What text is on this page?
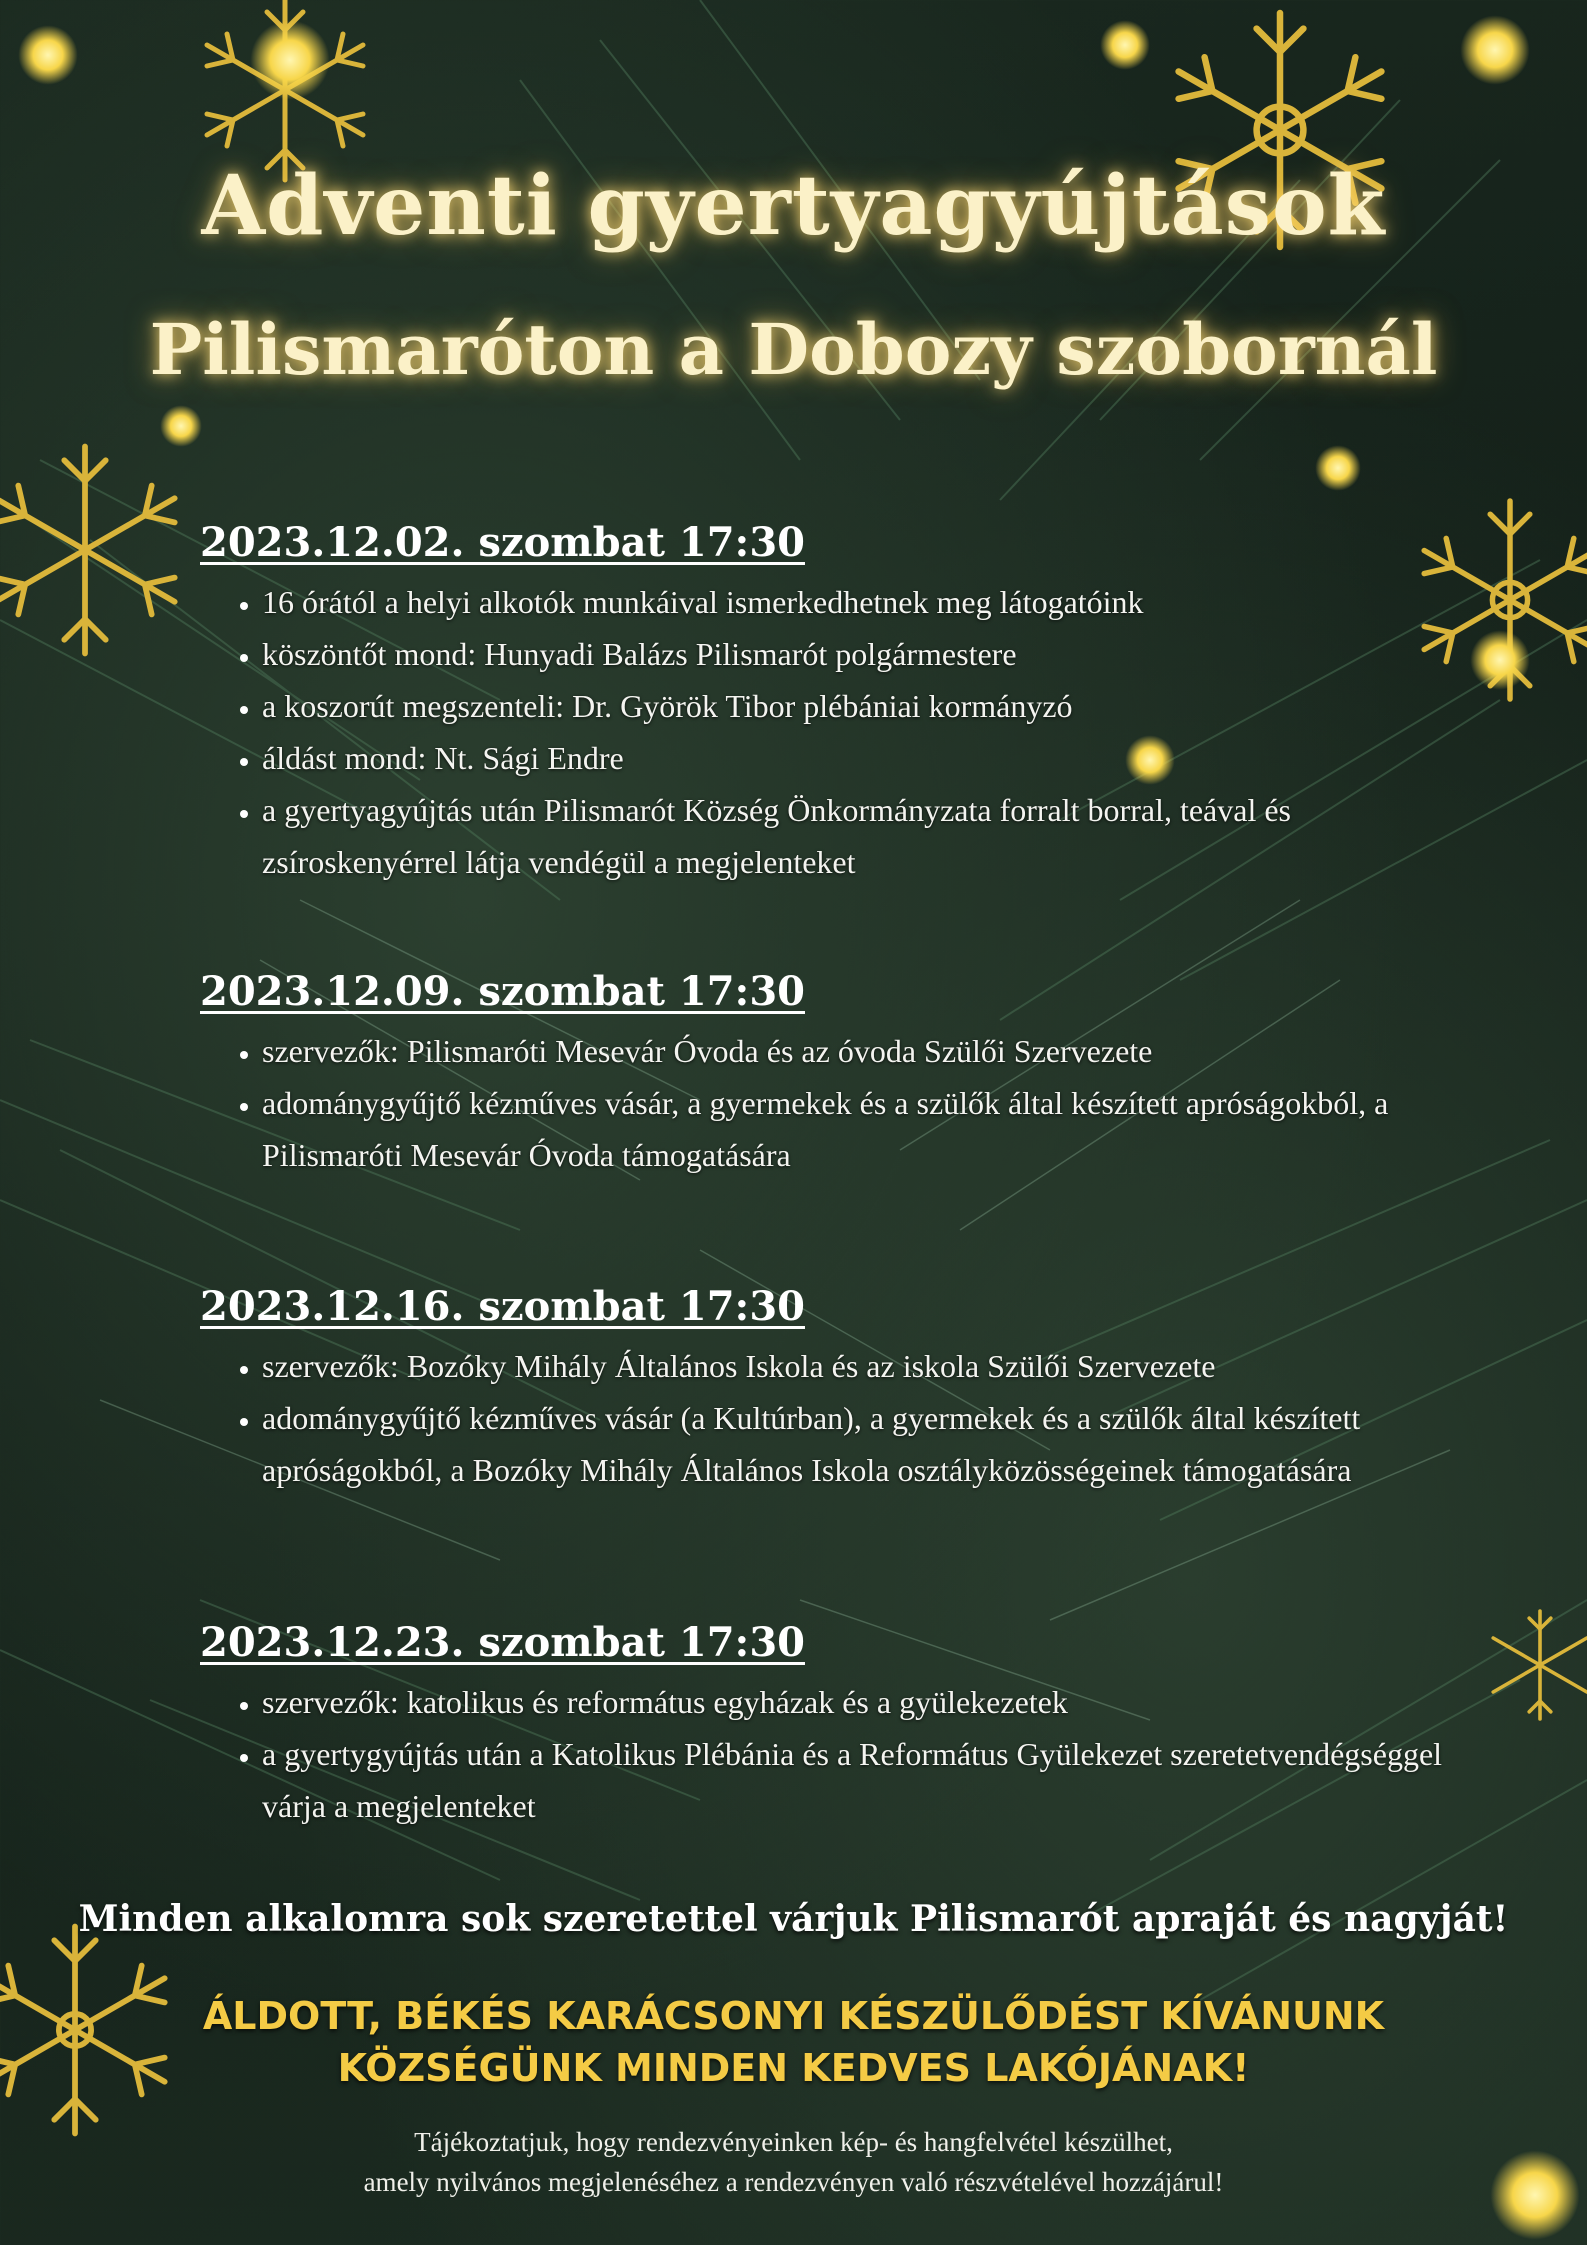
Adventi gyertyagyújtások
Pilismaróton a Dobozy szobornál
2023.12.02. szombat 17:30
• 16 órától a helyi alkotók munkáival ismerkedhetnek meg látogatóink
• köszöntőt mond: Hunyadi Balázs Pilismarót polgármestere
• a koszorút megszenteli: Dr. Györök Tibor plébániai kormányzó
• áldást mond: Nt. Sági Endre
• a gyertyagyújtás után Pilismarót Község Önkormányzata forralt borral, teával és zsíroskenyérrel látja vendégül a megjelenteket
2023.12.09. szombat 17:30
• szervezők: Pilismaróti Mesevár Óvoda és az óvoda Szülői Szervezete
• adománygyűjtő kézműves vásár, a gyermekek és a szülők által készített apróságokból, a Pilismaróti Mesevár Óvoda támogatására
2023.12.16. szombat 17:30
• szervezők: Bozóky Mihály Általános Iskola és az iskola Szülői Szervezete
• adománygyűjtő kézműves vásár (a Kultúrban), a gyermekek és a szülők által készített apróságokból, a Bozóky Mihály Általános Iskola osztályközösségeinek támogatására
2023.12.23. szombat 17:30
• szervezők: katolikus és református egyházak és a gyülekezetek
• a gyertygyújtás után a Katolikus Plébánia és a Református Gyülekezet szeretetvendégséggel várja a megjelenteket
Minden alkalomra sok szeretettel várjuk Pilismarót apraját és nagyját!
ÁLDOTT, BÉKÉS KARÁCSONYI KÉSZÜLŐDÉST KÍVÁNUNK
KÖZSÉGÜNK MINDEN KEDVES LAKÓJÁNAK!
Tájékoztatjuk, hogy rendezvényeinken kép- és hangfelvétel készülhet,
amely nyilvános megjelenéséhez a rendezvényen való részvételével hozzájárul!
